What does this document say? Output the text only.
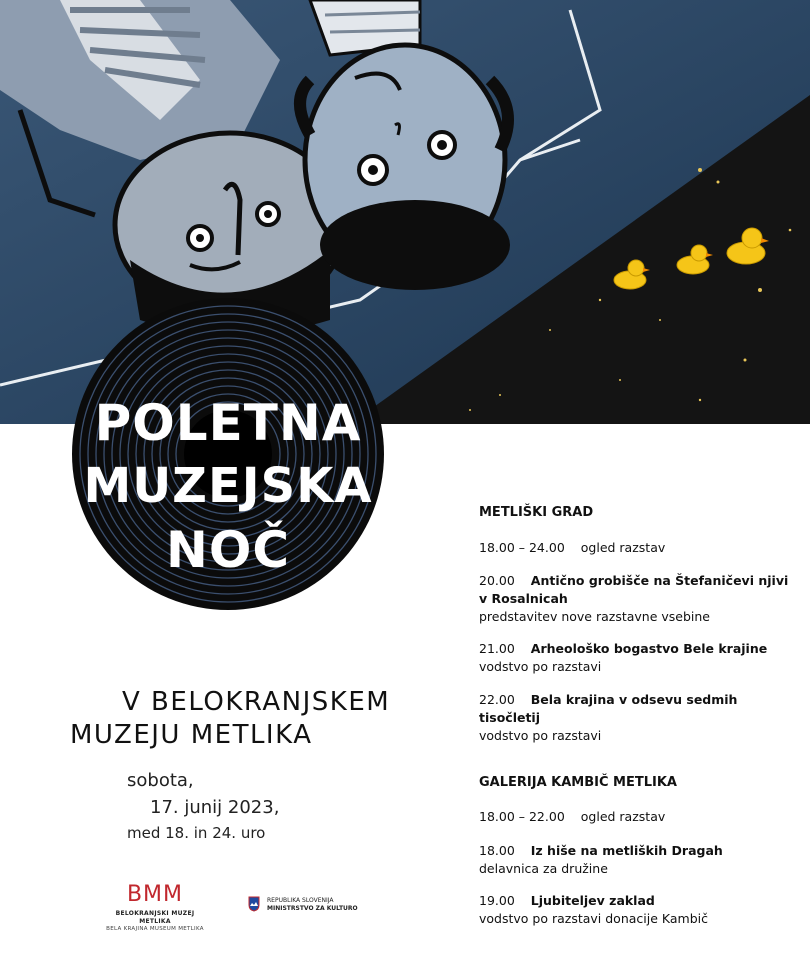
POLETNA
MUZEJSKA
NOČ
V BELOKRANJSKEM
MUZEJU METLIKA
sobota,
17. junij 2023,
med 18. in 24. uro
METLIŠKI GRAD
18.00 – 24.00 ogled razstav
20.00 Antično grobišče na Štefaničevi njivi v Rosalnicah
predstavitev nove razstavne vsebine
21.00 Arheološko bogastvo Bele krajine
vodstvo po razstavi
22.00 Bela krajina v odsevu sedmih tisočletij
vodstvo po razstavi
GALERIJA KAMBIČ METLIKA
18.00 – 22.00 ogled razstav
18.00 Iz hiše na metliških Dragah
delavnica za družine
19.00 Ljubiteljev zaklad
vodstvo po razstavi donacije Kambič
BMM
BELOKRANJSKI MUZEJ METLIKA
BELA KRAJINA MUSEUM METLIKA
REPUBLIKA SLOVENIJA
MINISTRSTVO ZA KULTURO
